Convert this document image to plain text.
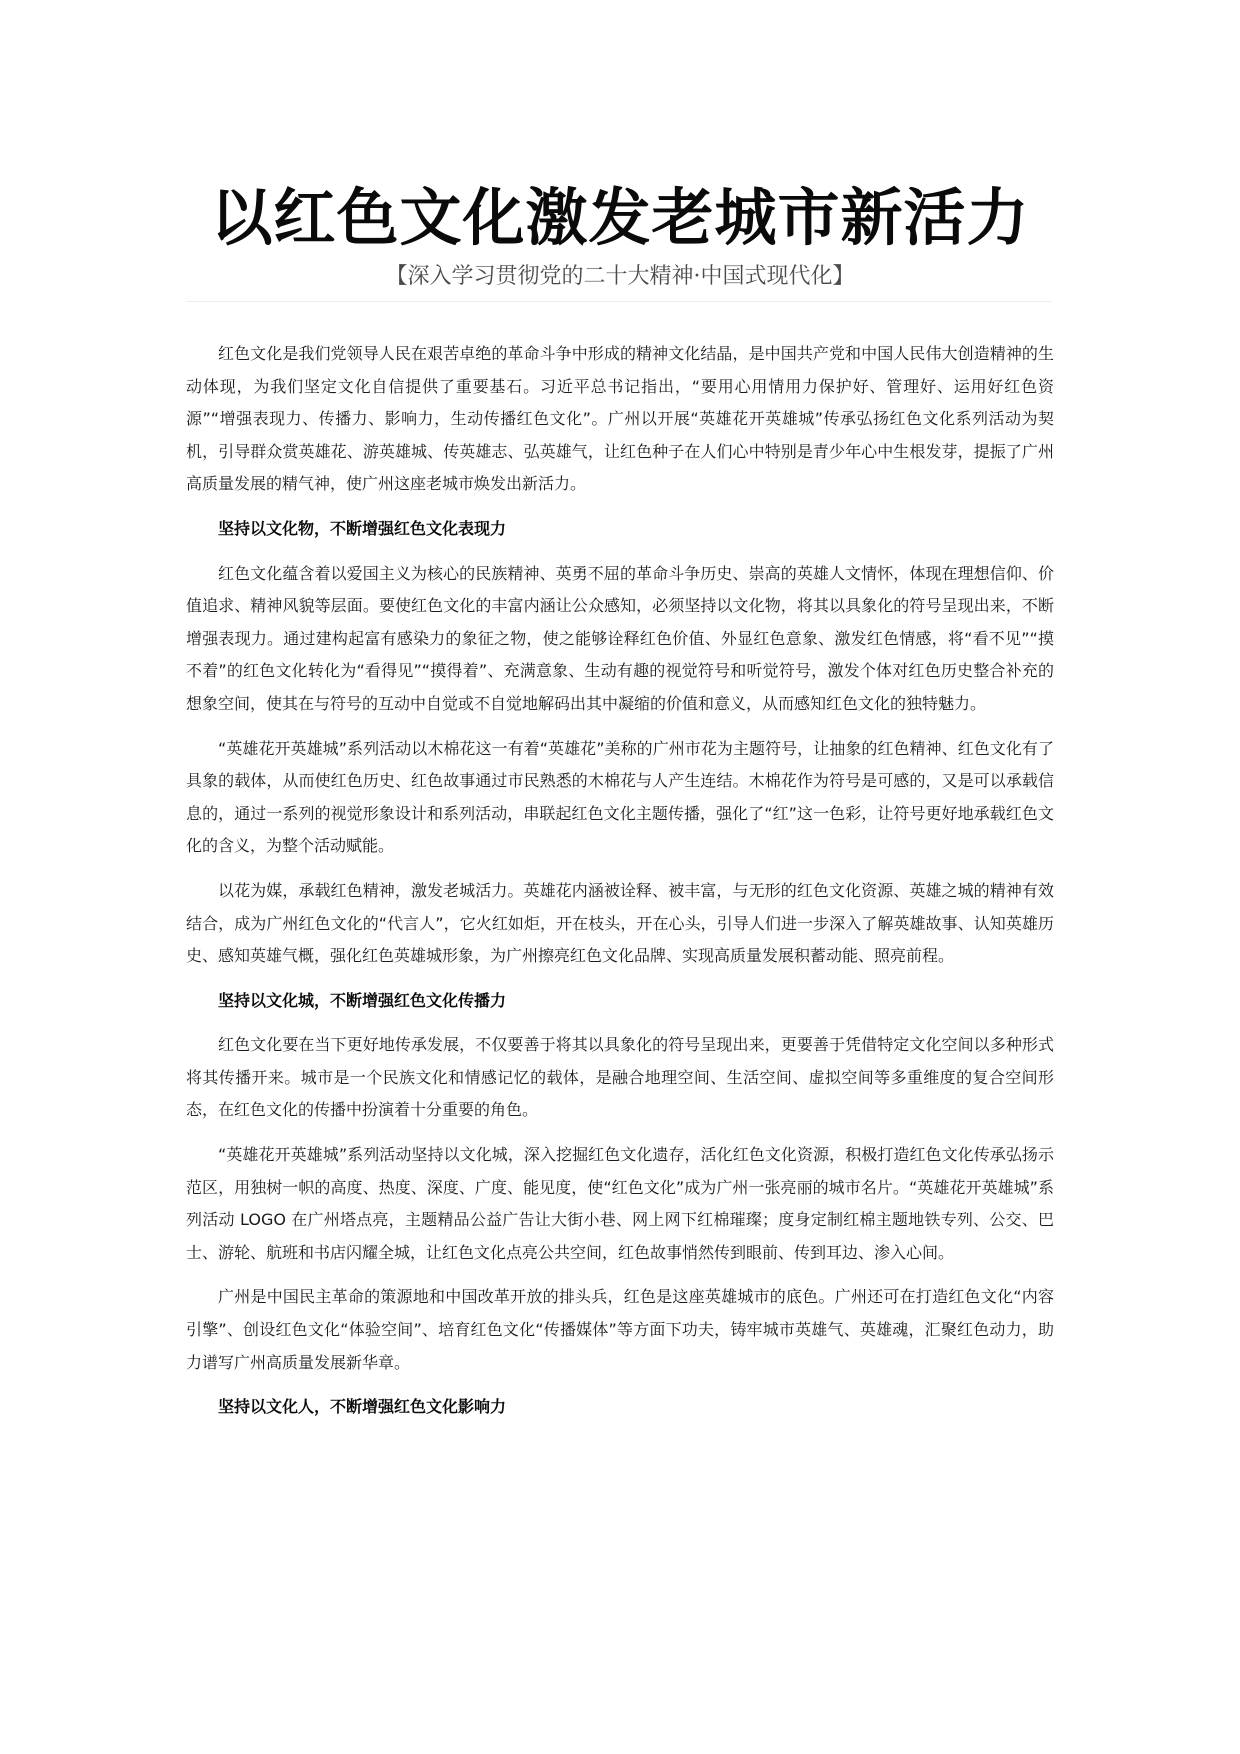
以红色文化激发老城市新活力

【深入学习贯彻党的二十大精神·中国式现代化】

红色文化是我们党领导人民在艰苦卓绝的革命斗争中形成的精神文化结晶，是中国共产党和中国人民伟大创造精神的生动体现，为我们坚定文化自信提供了重要基石。习近平总书记指出，“要用心用情用力保护好、管理好、运用好红色资源”“增强表现力、传播力、影响力，生动传播红色文化”。广州以开展“英雄花开英雄城”传承弘扬红色文化系列活动为契机，引导群众赏英雄花、游英雄城、传英雄志、弘英雄气，让红色种子在人们心中特别是青少年心中生根发芽，提振了广州高质量发展的精气神，使广州这座老城市焕发出新活力。

坚持以文化物，不断增强红色文化表现力

红色文化蕴含着以爱国主义为核心的民族精神、英勇不屈的革命斗争历史、崇高的英雄人文情怀，体现在理想信仰、价值追求、精神风貌等层面。要使红色文化的丰富内涵让公众感知，必须坚持以文化物，将其以具象化的符号呈现出来，不断增强表现力。通过建构起富有感染力的象征之物，使之能够诠释红色价值、外显红色意象、激发红色情感，将“看不见”“摸不着”的红色文化转化为“看得见”“摸得着”、充满意象、生动有趣的视觉符号和听觉符号，激发个体对红色历史整合补充的想象空间，使其在与符号的互动中自觉或不自觉地解码出其中凝缩的价值和意义，从而感知红色文化的独特魅力。

“英雄花开英雄城”系列活动以木棉花这一有着“英雄花”美称的广州市花为主题符号，让抽象的红色精神、红色文化有了具象的载体，从而使红色历史、红色故事通过市民熟悉的木棉花与人产生连结。木棉花作为符号是可感的，又是可以承载信息的，通过一系列的视觉形象设计和系列活动，串联起红色文化主题传播，强化了“红”这一色彩，让符号更好地承载红色文化的含义，为整个活动赋能。

以花为媒，承载红色精神，激发老城活力。英雄花内涵被诠释、被丰富，与无形的红色文化资源、英雄之城的精神有效结合，成为广州红色文化的“代言人”，它火红如炬，开在枝头，开在心头，引导人们进一步深入了解英雄故事、认知英雄历史、感知英雄气概，强化红色英雄城形象，为广州擦亮红色文化品牌、实现高质量发展积蓄动能、照亮前程。

坚持以文化城，不断增强红色文化传播力

红色文化要在当下更好地传承发展，不仅要善于将其以具象化的符号呈现出来，更要善于凭借特定文化空间以多种形式将其传播开来。城市是一个民族文化和情感记忆的载体，是融合地理空间、生活空间、虚拟空间等多重维度的复合空间形态，在红色文化的传播中扮演着十分重要的角色。

“英雄花开英雄城”系列活动坚持以文化城，深入挖掘红色文化遗存，活化红色文化资源，积极打造红色文化传承弘扬示范区，用独树一帜的高度、热度、深度、广度、能见度，使“红色文化”成为广州一张亮丽的城市名片。“英雄花开英雄城”系列活动 LOGO 在广州塔点亮，主题精品公益广告让大街小巷、网上网下红棉璀璨；度身定制红棉主题地铁专列、公交、巴士、游轮、航班和书店闪耀全城，让红色文化点亮公共空间，红色故事悄然传到眼前、传到耳边、渗入心间。

广州是中国民主革命的策源地和中国改革开放的排头兵，红色是这座英雄城市的底色。广州还可在打造红色文化“内容引擎”、创设红色文化“体验空间”、培育红色文化“传播媒体”等方面下功夫，铸牢城市英雄气、英雄魂，汇聚红色动力，助力谱写广州高质量发展新华章。

坚持以文化人，不断增强红色文化影响力
